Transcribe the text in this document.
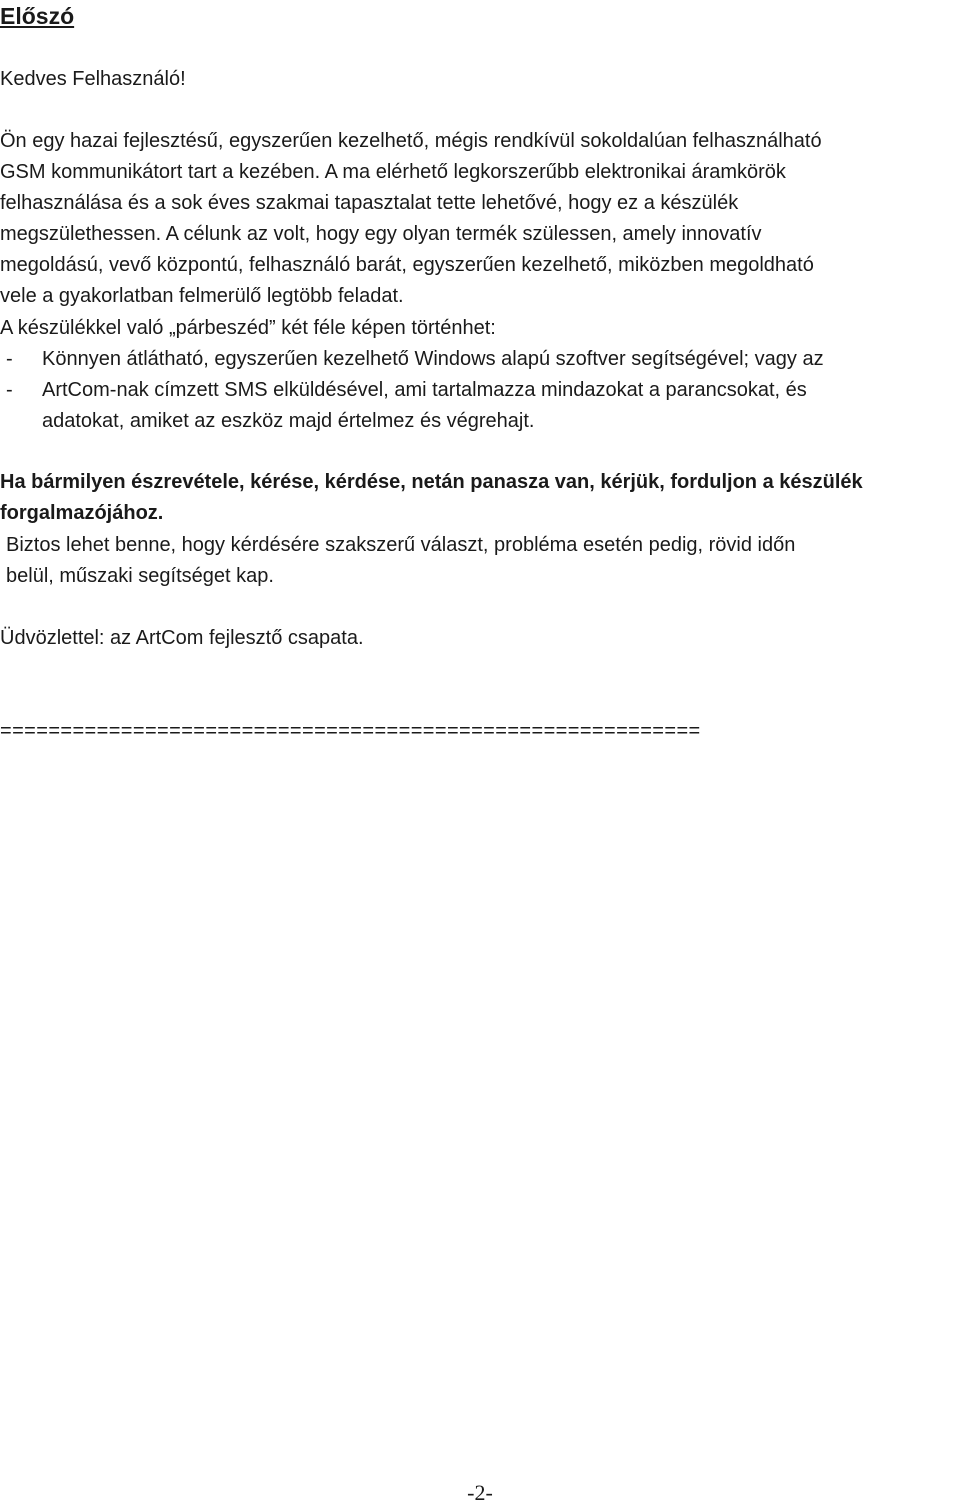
Előszó

Kedves Felhasználó!

Ön egy hazai fejlesztésű, egyszerűen kezelhető, mégis rendkívül sokoldalúan felhasználható

GSM kommunikátort tart a kezében. A ma elérhető legkorszerűbb elektronikai áramkörök

felhasználása és a sok éves szakmai tapasztalat tette lehetővé, hogy ez a készülék

megszülethessen. A célunk az volt, hogy egy olyan termék szülessen, amely innovatív

megoldású, vevő központú, felhasználó barát, egyszerűen kezelhető, miközben megoldható

vele a gyakorlatban felmerülő legtöbb feladat.

A készülékkel való „párbeszéd” két féle képen történhet:

- Könnyen átlátható, egyszerűen kezelhető Windows alapú szoftver segítségével; vagy az

- ArtCom-nak címzett SMS elküldésével, ami tartalmazza mindazokat a parancsokat, és

adatokat, amiket az eszköz majd értelmez és végrehajt.

Ha bármilyen észrevétele, kérése, kérdése, netán panasza van, kérjük, forduljon a készülék

forgalmazójához.

Biztos lehet benne, hogy kérdésére szakszerű választ, probléma esetén pedig, rövid időn

belül, műszaki segítséget kap.

Üdvözlettel: az ArtCom fejlesztő csapata.

==========================================================
-2-
